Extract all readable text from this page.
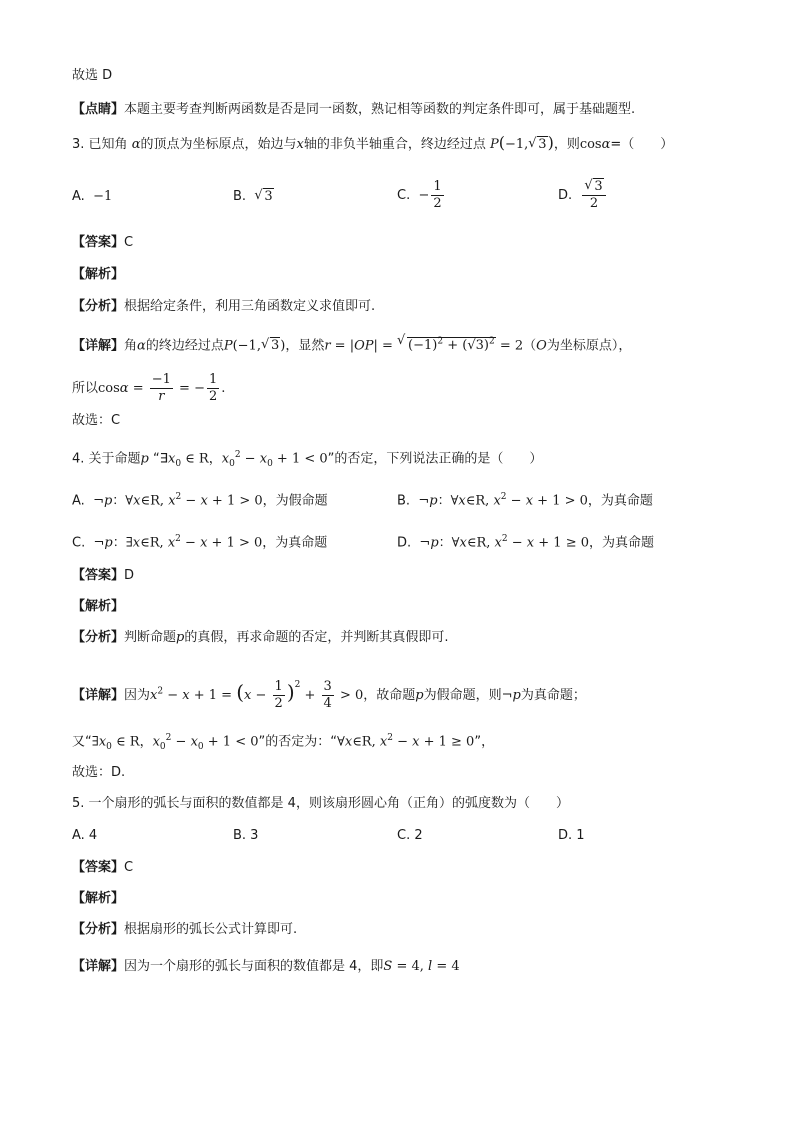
故选 D
【点睛】本题主要考查判断两函数是否是同一函数，熟记相等函数的判定条件即可，属于基础题型.
3. 已知角 α的顶点为坐标原点，始边与x轴的非负半轴重合，终边经过点 P(−1, √ 3)，则cosα=（　　）
A. −1	B. √ 3	C. − $\frac{1}{2}$	D. √ $\frac{3}{2}$
【答案】C
【解析】
【分析】根据给定条件，利用三角函数定义求值即可.
【详解】角α的终边经过点P(−1, √ 3)，显然r = |OP| = √ $(-1)^2 + (√3)^2 = 2(O$为坐标原点），
所以$\cos\alpha = \frac{-1}{r}$ = − $\frac{1}{2}$ .
故选：C
4. 关于命题p “$\exists x_0$ ∈ R，$x_0^2 - x_0 + 1 < 0$”的否定，下列说法正确的是（　　）
A. ¬p：∀x∈R, $x^2 - x + 1 > 0$，为假命题	B. ¬p：∀x∈R, $x^2 - x + 1 > 0$，为真命题
C. ¬p：∃x∈R, $x^2 - x + 1 > 0$，为真命题	D. ¬p：∀x∈R, $x^2 - x + 1 \ge 0$，为真命题
【答案】D
【解析】
【分析】判断命题p的真假，再求命题的否定，并判断其真假即可.
【详解】因为$x^2 - x + 1 = (x - \frac{1}{2} )^2 + \frac{3}{4} > 0$，故命题p为假命题，则¬p为真命题；
又“$\exists x_0$ ∈ R，$x_0^2 - x_0 + 1 < 0$”的否定为：“∀x∈R, $x^2 - x + 1 \ge 0$”，
故选：D.
5. 一个扇形的弧长与面积的数值都是 4，则该扇形圆心角（正角）的弧度数为（　　）
A. 4	B. 3	C. 2	D. 1
【答案】C
【解析】
【分析】根据扇形的弧长公式计算即可.
【详解】因为一个扇形的弧长与面积的数值都是 4，即S = 4, l = 4
